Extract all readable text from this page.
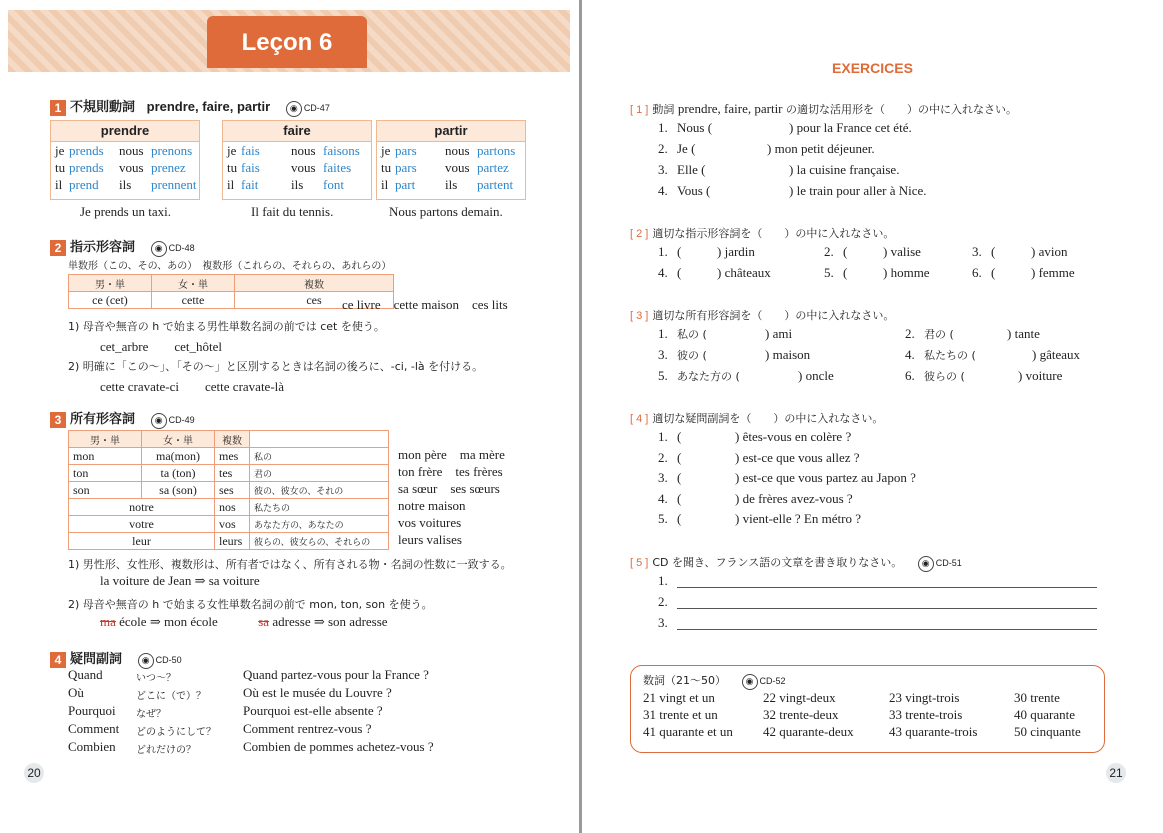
Leçon 6
1 不規則動詞 prendre, faire, partir ◉ CD-47
prendre
je prends nous prenons
tu prends vous prenez
il prend ils prennent
faire
je fais nous faisons
tu fais vous faites
il fait	ils font
partir
je pars nous partons
tu pars vous partez
il part ils partent
Je prends un taxi.	Il fait du tennis.	Nous partons demain.
2 指示形容詞 ◉ CD-48
単数形（この、その、あの）　複数形（これらの、それらの、あれらの）
男・単	女・単	複数
ce (cet)	cette	ces ce livre　cette maison　ces lits
1) 母音や無音の h で始まる男性単数名詞の前では cet を使う。
cet_arbre　　cet_hôtel
2) 明確に「この〜」、「その〜」と区別するときは名詞の後ろに、-ci, -là を付ける。
cette cravate-ci　　cette cravate-là
3 所有形容詞 ◉ CD-49
男・単	女・単	複数	
mon	ma(mon)	mes	私の
ton	ta (ton)	tes	君の
son	sa (son)	ses	彼の、彼女の、それの
notre		nos	私たちの
votre		vos	あなた方の、あなたの
leur		leurs	彼らの、彼女らの、それらの
mon père　ma mère
ton frère　tes frères
sa sœur　ses sœurs
notre maison
vos voitures
leurs valises
1) 男性形、女性形、複数形は、所有者ではなく、所有される物・名詞の性数に一致する。
la voiture de Jean ⇒ sa voiture
2) 母音や無音の h で始まる女性単数名詞の前で mon, ton, son を使う。
ma école ⇒ mon école	sa adresse ⇒ son adresse
4 疑問副詞 ◉ CD-50
Quand	いつ〜？	Quand partez-vous pour la France ?
Où	どこに（で）？	Où est le musée du Louvre ?
Pourquoi なぜ？	Pourquoi est-elle absente ?
Comment どのようにして？ Comment rentrez-vous ?
Combien どれだけの？	Combien de pommes achetez-vous ?
20
EXERCICES
[ 1 ] 動詞 prendre, faire, partir の適切な活用形を（　　）の中に入れなさい。
1. Nous (	) pour la France cet été.
2. Je (	) mon petit déjeuner.
3. Elle (	) la cuisine française.
4. Vous (	) le train pour aller à Nice.
[ 2 ] 適切な指示形容詞を（　　）の中に入れなさい。
1. (	) jardin	2. (	) valise	3. (	) avion
4. (	) châteaux	5. (	) homme	6. (	) femme
[ 3 ] 適切な所有形容詞を（　　）の中に入れなさい。
1. 私の (	) ami	2. 君の (	) tante
3. 彼の (	) maison	4. 私たちの (	) gâteaux
5. あなた方の (	) oncle	6. 彼らの (	) voiture
[ 4 ] 適切な疑問副詞を（　　）の中に入れなさい。
1. (	) êtes-vous en colère ?
2. (	) est-ce que vous allez ?
3. (	) est-ce que vous partez au Japon ?
4. (	) de frères avez-vous ?
5. (	) vient-elle ? En métro ?
[ 5 ] CD を聞き、フランス語の文章を書き取りなさい。 ◉ CD-51
1.
2.
3.
数詞（21〜50） ◉ CD-52
21 vingt et un	22 vingt-deux	23 vingt-trois	30 trente
31 trente et un	32 trente-deux	33 trente-trois	40 quarante
41 quarante et un 42 quarante-deux	43 quarante-trois	50 cinquante
21
